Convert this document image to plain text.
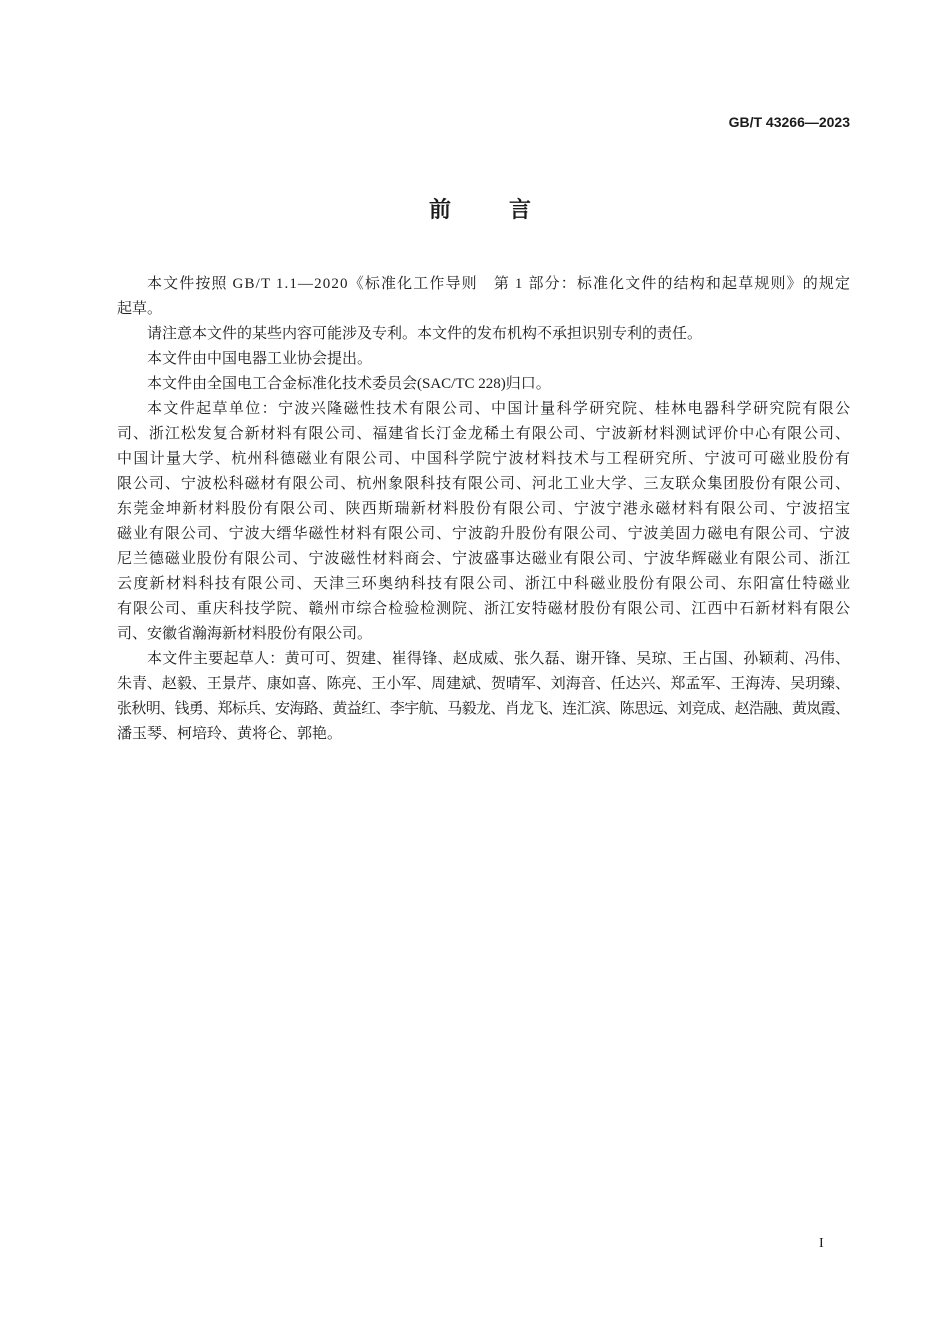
GB/T 43266—2023
前言
本文件按照 GB/T 1.1—2020《标准化工作导则　第 1 部分：标准化文件的结构和起草规则》的规定
起草。
请注意本文件的某些内容可能涉及专利。本文件的发布机构不承担识别专利的责任。
本文件由中国电器工业协会提出。
本文件由全国电工合金标准化技术委员会(SAC/TC 228)归口。
本文件起草单位：宁波兴隆磁性技术有限公司、中国计量科学研究院、桂林电器科学研究院有限公
司、浙江松发复合新材料有限公司、福建省长汀金龙稀土有限公司、宁波新材料测试评价中心有限公司、
中国计量大学、杭州科德磁业有限公司、中国科学院宁波材料技术与工程研究所、宁波可可磁业股份有
限公司、宁波松科磁材有限公司、杭州象限科技有限公司、河北工业大学、三友联众集团股份有限公司、
东莞金坤新材料股份有限公司、陕西斯瑞新材料股份有限公司、宁波宁港永磁材料有限公司、宁波招宝
磁业有限公司、宁波大缙华磁性材料有限公司、宁波韵升股份有限公司、宁波美固力磁电有限公司、宁波
尼兰德磁业股份有限公司、宁波磁性材料商会、宁波盛事达磁业有限公司、宁波华辉磁业有限公司、浙江
云度新材料科技有限公司、天津三环奥纳科技有限公司、浙江中科磁业股份有限公司、东阳富仕特磁业
有限公司、重庆科技学院、赣州市综合检验检测院、浙江安特磁材股份有限公司、江西中石新材料有限公
司、安徽省瀚海新材料股份有限公司。
本文件主要起草人：黄可可、贺建、崔得锋、赵成威、张久磊、谢开锋、吴琼、王占国、孙颖莉、冯伟、
朱青、赵毅、王景芹、康如喜、陈亮、王小军、周建斌、贺晴军、刘海音、任达兴、郑孟军、王海涛、吴玥臻、
张秋明、钱勇、郑标兵、安海路、黄益红、李宇航、马毅龙、肖龙飞、连汇滨、陈思远、刘竞成、赵浩融、黄岚霞、
潘玉琴、柯培玲、黄将仑、郭艳。
I
